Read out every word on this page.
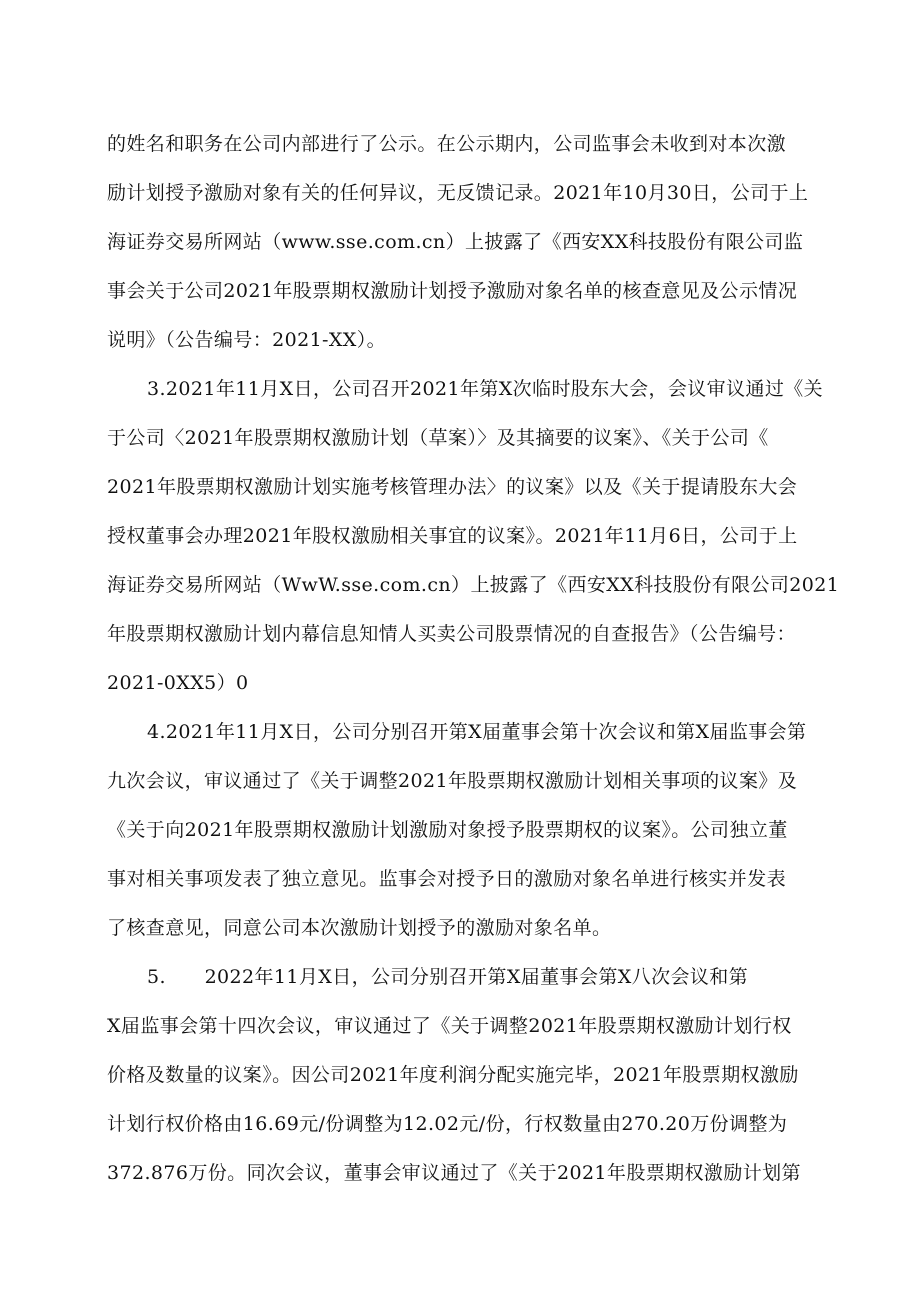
的姓名和职务在公司内部进行了公示。在公示期内，公司监事会未收到对本次激
励计划授予激励对象有关的任何异议，无反馈记录。2021年10月30日，公司于上
海证券交易所网站（www.sse.com.cn）上披露了《西安XX科技股份有限公司监
事会关于公司2021年股票期权激励计划授予激励对象名单的核查意见及公示情况
说明》（公告编号：2021-XX）。
3.2021年11月X日，公司召开2021年第X次临时股东大会，会议审议通过《关
于公司〈2021年股票期权激励计划（草案）〉及其摘要的议案》、《关于公司《
2021年股票期权激励计划实施考核管理办法〉的议案》以及《关于提请股东大会
授权董事会办理2021年股权激励相关事宜的议案》。2021年11月6日，公司于上
海证券交易所网站（WwW.sse.com.cn）上披露了《西安XX科技股份有限公司2021
年股票期权激励计划内幕信息知情人买卖公司股票情况的自查报告》（公告编号：
2021-0XX5）0
4.2021年11月X日，公司分别召开第X届董事会第十次会议和第X届监事会第
九次会议，审议通过了《关于调整2021年股票期权激励计划相关事项的议案》及
《关于向2021年股票期权激励计划激励对象授予股票期权的议案》。公司独立董
事对相关事项发表了独立意见。监事会对授予日的激励对象名单进行核实并发表
了核查意见，同意公司本次激励计划授予的激励对象名单。
5.      2022年11月X日，公司分别召开第X届董事会第X八次会议和第
X届监事会第十四次会议，审议通过了《关于调整2021年股票期权激励计划行权
价格及数量的议案》。因公司2021年度利润分配实施完毕，2021年股票期权激励
计划行权价格由16.69元/份调整为12.02元/份，行权数量由270.20万份调整为
372.876万份。同次会议，董事会审议通过了《关于2021年股票期权激励计划第
